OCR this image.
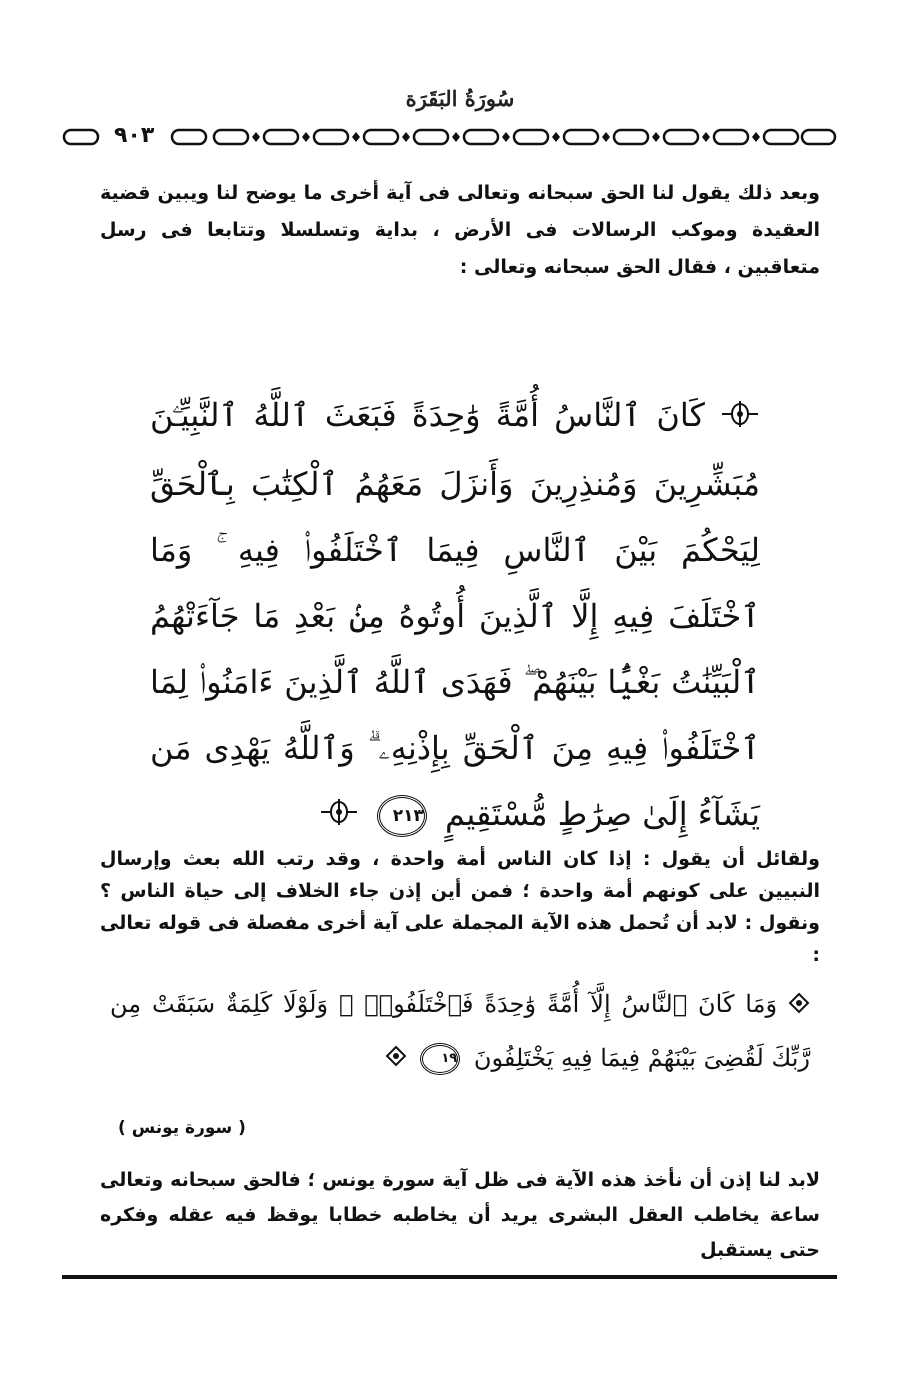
سُورَةُ البَقَرَة
٩٠٣

وبعد ذلك يقول لنا الحق سبحانه وتعالى فى آية أخرى ما يوضح لنا ويبين قضية العقيدة وموكب الرسالات فى الأرض ، بداية وتسلسلا وتتابعا فى رسل متعاقبين ، فقال الحق سبحانه وتعالى :

كَانَ ٱلنَّاسُ أُمَّةً وَٰحِدَةً فَبَعَثَ ٱللَّهُ ٱلنَّبِيِّـۧنَ مُبَشِّرِينَ وَمُنذِرِينَ وَأَنزَلَ مَعَهُمُ ٱلْكِتَٰبَ بِٱلْحَقِّ لِيَحْكُمَ بَيْنَ ٱلنَّاسِ فِيمَا ٱخْتَلَفُوا۟ فِيهِ ۚ وَمَا ٱخْتَلَفَ فِيهِ إِلَّا ٱلَّذِينَ أُوتُوهُ مِنۢ بَعْدِ مَا جَآءَتْهُمُ ٱلْبَيِّنَٰتُ بَغْيًۢا بَيْنَهُمْ ۖ فَهَدَى ٱللَّهُ ٱلَّذِينَ ءَامَنُوا۟ لِمَا ٱخْتَلَفُوا۟ فِيهِ مِنَ ٱلْحَقِّ بِإِذْنِهِۦ ۗ وَٱللَّهُ يَهْدِى مَن يَشَآءُ إِلَىٰ صِرَٰطٍ مُّسْتَقِيمٍ ٢١٣

ولقائل أن يقول : إذا كان الناس أمة واحدة ، وقد رتب الله بعث وإرسال النبيين على كونهم أمة واحدة ؛ فمن أين إذن جاء الخلاف إلى حياة الناس ؟ ونقول : لابد أن تُحمل هذه الآية المجملة على آية أخرى مفصلة فى قوله تعالى :

وَمَا كَانَ ٱلنَّاسُ إِلَّآ أُمَّةً وَٰحِدَةً فَٱخْتَلَفُوا۟ ۚ وَلَوْلَا كَلِمَةٌ سَبَقَتْ مِن رَّبِّكَ لَقُضِىَ بَيْنَهُمْ فِيمَا فِيهِ يَخْتَلِفُونَ ١٩
( سورة يونس )

لابد لنا إذن أن نأخذ هذه الآية فى ظل آية سورة يونس ؛ فالحق سبحانه وتعالى ساعة يخاطب العقل البشرى يريد أن يخاطبه خطابا يوقظ فيه عقله وفكره حتى يستقبل
